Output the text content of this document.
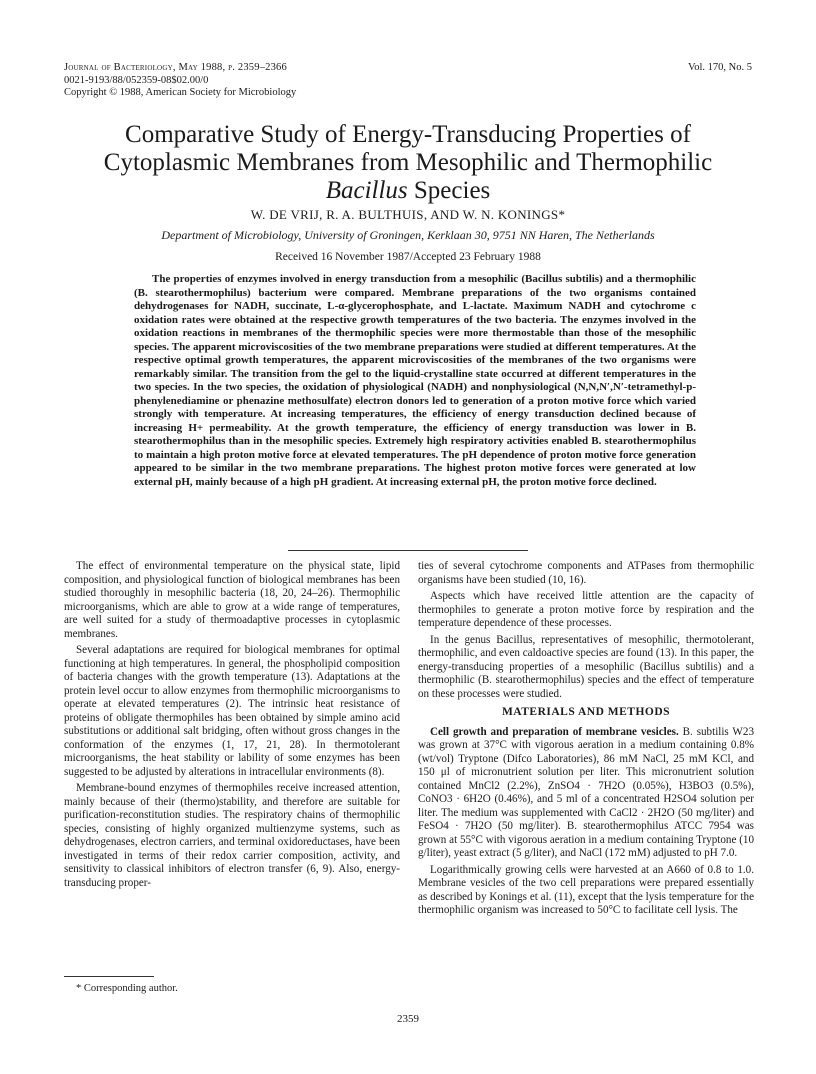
Journal of Bacteriology, May 1988, p. 2359–2366
0021-9193/88/052359-08$02.00/0
Copyright © 1988, American Society for Microbiology
Vol. 170, No. 5
Comparative Study of Energy-Transducing Properties of
Cytoplasmic Membranes from Mesophilic and Thermophilic
Bacillus Species
W. DE VRIJ, R. A. BULTHUIS, AND W. N. KONINGS*
Department of Microbiology, University of Groningen, Kerklaan 30, 9751 NN Haren, The Netherlands
Received 16 November 1987/Accepted 23 February 1988

The properties of enzymes involved in energy transduction from a mesophilic (Bacillus subtilis) and a thermophilic (B. stearothermophilus) bacterium were compared. Membrane preparations of the two organisms contained dehydrogenases for NADH, succinate, L-α-glycerophosphate, and L-lactate. Maximum NADH and cytochrome c oxidation rates were obtained at the respective growth temperatures of the two bacteria. The enzymes involved in the oxidation reactions in membranes of the thermophilic species were more thermostable than those of the mesophilic species. The apparent microviscosities of the two membrane preparations were studied at different temperatures. At the respective optimal growth temperatures, the apparent microviscosities of the membranes of the two organisms were remarkably similar. The transition from the gel to the liquid-crystalline state occurred at different temperatures in the two species. In the two species, the oxidation of physiological (NADH) and nonphysiological (N,N,N′,N′-tetramethyl-p-phenylenediamine or phenazine methosulfate) electron donors led to generation of a proton motive force which varied strongly with temperature. At increasing temperatures, the efficiency of energy transduction declined because of increasing H+ permeability. At the growth temperature, the efficiency of energy transduction was lower in B. stearothermophilus than in the mesophilic species. Extremely high respiratory activities enabled B. stearothermophilus to maintain a high proton motive force at elevated temperatures. The pH dependence of proton motive force generation appeared to be similar in the two membrane preparations. The highest proton motive forces were generated at low external pH, mainly because of a high pH gradient. At increasing external pH, the proton motive force declined.

The effect of environmental temperature on the physical state, lipid composition, and physiological function of biological membranes has been studied thoroughly in mesophilic bacteria (18, 20, 24–26). Thermophilic microorganisms, which are able to grow at a wide range of temperatures, are well suited for a study of thermoadaptive processes in cytoplasmic membranes.

Several adaptations are required for biological membranes for optimal functioning at high temperatures. In general, the phospholipid composition of bacteria changes with the growth temperature (13). Adaptations at the protein level occur to allow enzymes from thermophilic microorganisms to operate at elevated temperatures (2). The intrinsic heat resistance of proteins of obligate thermophiles has been obtained by simple amino acid substitutions or additional salt bridging, often without gross changes in the conformation of the enzymes (1, 17, 21, 28). In thermotolerant microorganisms, the heat stability or lability of some enzymes has been suggested to be adjusted by alterations in intracellular environments (8).

Membrane-bound enzymes of thermophiles receive increased attention, mainly because of their (thermo)stability, and therefore are suitable for purification-reconstitution studies. The respiratory chains of thermophilic species, consisting of highly organized multienzyme systems, such as dehydrogenases, electron carriers, and terminal oxidoreductases, have been investigated in terms of their redox carrier composition, activity, and sensitivity to classical inhibitors of electron transfer (6, 9). Also, energy-transducing proper-

ties of several cytochrome components and ATPases from thermophilic organisms have been studied (10, 16).

Aspects which have received little attention are the capacity of thermophiles to generate a proton motive force by respiration and the temperature dependence of these processes.

In the genus Bacillus, representatives of mesophilic, thermotolerant, thermophilic, and even caldoactive species are found (13). In this paper, the energy-transducing properties of a mesophilic (Bacillus subtilis) and a thermophilic (B. stearothermophilus) species and the effect of temperature on these processes were studied.

MATERIALS AND METHODS

Cell growth and preparation of membrane vesicles. B. subtilis W23 was grown at 37°C with vigorous aeration in a medium containing 0.8% (wt/vol) Tryptone (Difco Laboratories), 86 mM NaCl, 25 mM KCl, and 150 μl of micronutrient solution per liter. This micronutrient solution contained MnCl2 (2.2%), ZnSO4 · 7H2O (0.05%), H3BO3 (0.5%), CoNO3 · 6H2O (0.46%), and 5 ml of a concentrated H2SO4 solution per liter. The medium was supplemented with CaCl2 · 2H2O (50 mg/liter) and FeSO4 · 7H2O (50 mg/liter). B. stearothermophilus ATCC 7954 was grown at 55°C with vigorous aeration in a medium containing Tryptone (10 g/liter), yeast extract (5 g/liter), and NaCl (172 mM) adjusted to pH 7.0.

Logarithmically growing cells were harvested at an A660 of 0.8 to 1.0. Membrane vesicles of the two cell preparations were prepared essentially as described by Konings et al. (11), except that the lysis temperature for the thermophilic organism was increased to 50°C to facilitate cell lysis. The

* Corresponding author.
2359
